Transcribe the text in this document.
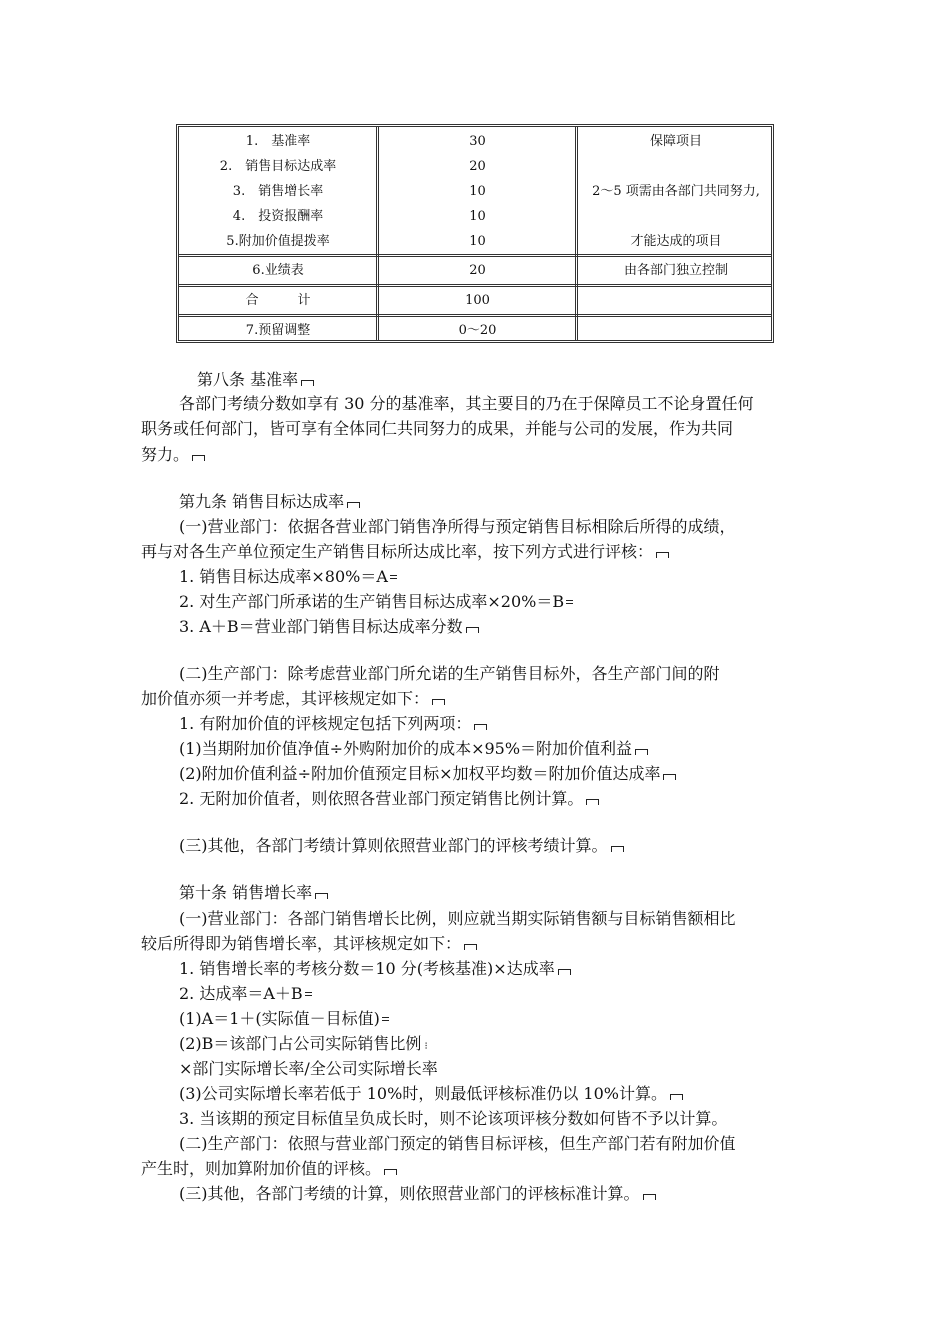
1.　基准率	30	保障项目
2.　销售目标达成率	20
3.　销售增长率	10	2～5 项需由各部门共同努力,
4.　投资报酬率	10
5.附加价值提拨率	10	才能达成的项目
6.业绩表	20	由各部门独立控制
合　　　计	100
7.预留调整	0～20
第八条 基准率
各部门考绩分数如享有 30 分的基准率，其主要目的乃在于保障员工不论身置任何
职务或任何部门，皆可享有全体同仁共同努力的成果，并能与公司的发展，作为共同
努力。
第九条 销售目标达成率
(一)营业部门：依据各营业部门销售净所得与预定销售目标相除后所得的成绩，
再与对各生产单位预定生产销售目标所达成比率，按下列方式进行评核：
1. 销售目标达成率×80%＝A
2. 对生产部门所承诺的生产销售目标达成率×20%＝B
3. A＋B＝营业部门销售目标达成率分数
(二)生产部门：除考虑营业部门所允诺的生产销售目标外，各生产部门间的附
加价值亦须一并考虑，其评核规定如下：
1. 有附加价值的评核规定包括下列两项：
(1)当期附加价值净值÷外购附加价的成本×95%＝附加价值利益
(2)附加价值利益÷附加价值预定目标×加权平均数＝附加价值达成率
2. 无附加价值者，则依照各营业部门预定销售比例计算。
(三)其他，各部门考绩计算则依照营业部门的评核考绩计算。
第十条 销售增长率
(一)营业部门：各部门销售增长比例，则应就当期实际销售额与目标销售额相比
较后所得即为销售增长率，其评核规定如下：
1. 销售增长率的考核分数＝10 分(考核基准)×达成率
2. 达成率＝A＋B
(1)A＝1＋(实际值－目标值)
(2)B＝该部门占公司实际销售比例 ⁝
×部门实际增长率/全公司实际增长率
(3)公司实际增长率若低于 10%时，则最低评核标准仍以 10%计算。
3. 当该期的预定目标值呈负成长时，则不论该项评核分数如何皆不予以计算。
(二)生产部门：依照与营业部门预定的销售目标评核，但生产部门若有附加价值
产生时，则加算附加价值的评核。
(三)其他，各部门考绩的计算，则依照营业部门的评核标准计算。
